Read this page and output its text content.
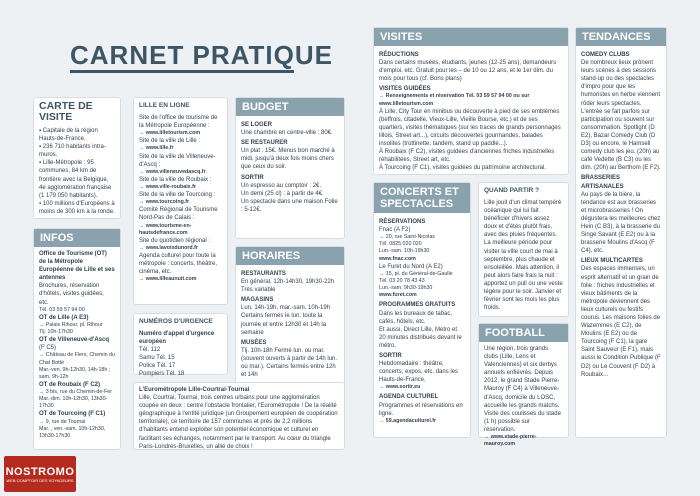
CARNET PRATIQUE
CARTE DE VISITE

▪ Capitale de la région Hauts-de-France.

▪ 236 710 habitants intra-muros.

▪ Lille-Métropole : 95 communes, 84 km de frontière avec la Belgique, 4e agglomération française (1 179 050 habitants).

▪ 100 millions d'Européens à moins de 300 km à la ronde.

INFOS
Office de Tourisme (OT) de la Métropole Européenne de Lille et ses antennes

Brochures, réservation d'hôtels, visites guidées, etc.

Tél. 03 59 57 94 00

OT de Lille (A E3)

→ Palais Rihour, pl. Rihour

Tlj. 10h-17h30

OT de Villeneuve-d'Ascq

(F C5)

→ Château de Flers, Chemin du Chat Botté

Mar.-ven. 9h-12h30, 14h-18h ; sam. 9h-12h

OT de Roubaix (F C2)

→ 3 bis, rue du Chemin-de-Fer

Mar.-dim. 10h-12h30, 13h30-17h30

OT de Tourcoing (F C1)

→ 9, rue de Tournai

Mar. , ven.-sam. 10h-12h30, 13h30-17h30

LILLE EN LIGNE

Site de l'office de tourisme de la Métropole Européenne :

→ www.lilletourism.com

Site de la ville de Lille :

→ www.lille.fr

Site de la ville de Villeneuve-d'Ascq :

→ www.villeneuvedascq.fr

Site de la ville de Roubaix :

→ www.ville-roubaix.fr

Site de la ville de Tourcoing :

→ www.tourcoing.fr

Comité Régional de Tourisme Nord-Pas de Calais :

→ www.tourisme-en-hautsdefrance.com

Site du quotidien régional :

→ www.lavoixdunord.fr

Agenda culturel pour toute la métropole : concerts, théâtre, cinéma, etc.

→ www.lilleaunuit.com

NUMÉROS D'URGENCE
Numéro d'appel d'urgence européen

Tél. 112

Samu Tél. 15

Police Tél. 17

Pompiers Tél. 18

BUDGET
SE LOGER

Une chambre en centre-ville : 80€.

SE RESTAURER

Un plat : 15€. Menus bon marché à midi, jusqu'à deux fois moins chers que ceux du soir.

SORTIR

Un espresso au comptoir : 2€.

Un demi (25 cl) : à partir de 4€.

Un spectacle dans une maison Folie : 5-12€.

HORAIRES
RESTAURANTS

En général, 12h-14h30, 19h30-22h Très variable

MAGASINS

Lun. 14h-19h, mar.-sam. 10h-19h Certains fermés le lun. toute la journée et entre 12h30 et 14h la semaine

MUSÉES

Tlj. 10h-18h Fermé lun. ou mar. (souvent ouverts à partir de 14h lun. ou mar.). Certains fermés entre 12h et 14h

L'Eurométropole Lille-Courtrai-Tournai

Lille, Courtrai, Tournai, trois centres urbains pour une agglomération coupée en deux : centre l'obstacle frontalier, l'Eurométropole ! De la réalité géographique à l'entité juridique (un Groupement européen de coopération territoriale), ce territoire de 157 communes et près de 2,2 millions d'habitants entend exploiter son potentiel économique et culturel en facilitant ses échanges, notamment par le transport. Au cœur du triangle Paris-Londres-Bruxelles, un allié de choix !

VISITES
RÉDUCTIONS

Dans certains musées, étudiants, jeunes (12-25 ans), demandeurs d'emploi, etc. Gratuit pour les – de 10 ou 12 ans, et le 1er dim. du mois pour tous (cf. Bons plans)

VISITES GUIDÉES

→ Renseignements et réservation Tél. 03 59 57 94 00 ou sur www.lilletourism.com

À Lille, City Tour en minibus ou découverte à pied de ses emblèmes (beffrois, citadelle, Vieux-Lille, Vieille Bourse, etc.) et de ses quartiers, visites thématiques (sur les traces de grands personnages lillois, Street art...), circuits découvertes gourmandes, balades insolites (trottinette, tandem, stand up paddle...).

À Roubaix (F C2), visites guidées d'anciennes friches industrielles réhabilitées, Street art, etc.

À Tourcoing (F C1), visites guidées du patrimoine architectural.

CONCERTS ET SPECTACLES
RÉSERVATIONS

Fnac (A F2)

→ 20, rue Saint-Nicolas

Tél. 0825 020 020

Lun.-sam. 10h-19h30

www.fnac.com

Le Furet du Nord (A E2)

→ 15, pl. du Général-de-Gaulle

Tél. 03 20 78 43 43

Lun.-sam. 9h30-19h30

www.furet.com

PROGRAMMES GRATUITS

Dans les bureaux de tabac, cafés, hôtels, etc.

Et aussi, Direct Lille, Metro et 20 minutes distribués devant le métro.

SORTIR

Hebdomadaire : théâtre, concerts, expos, etc. dans les Hauts-de-France.

→ www.sortir.eu

AGENDA CULTUREL

Programmes et réservations en ligne.

→ 59.agendaculturel.fr

QUAND PARTIR ?

Lille jouit d'un climat tempéré océanique qui lui fait bénéficier d'hivers assez doux et d'étés plutôt frais, avec des pluies fréquentes. La meilleure période pour visiter la ville court de mai à septembre, plus chaude et ensoleillée. Mais attention, il peut alors faire frais la nuit : apportez un pull ou une veste légère pour le soir. Janvier et février sont les mois les plus froids.

FOOTBALL

Une région, trois grands clubs (Lille, Lens et Valenciennes) et six derbys annuels enfiévrés. Depuis 2012, le grand Stade Pierre-Mauroy (F C4) à Villeneuve-d'Ascq, domicile du LOSC, accueille les grands matchs. Visite des coulisses du stade (1 h) possible sur réservation.

→ www.stade-pierre-mauroy.com

TENDANCES
COMEDY CLUBS

De nombreux lieux prônent leurs scènes à des sessions stand-up ou des spectacles d'impro pour que les humoristes en herbe viennent rôder leurs spectacles. L'entrée se fait parfois sur participation ou souvent sur consommation. Spotlight (D E2), Bazar Comedy Club (D D3) ou encore, le Hamsell comedy club les jeu. (20h) au café Vedette (B C3) ou les dim. (20h) au Berthom (E F2).

BRASSERIES ARTISANALES

Au pays de la bière, la tendance est aux brasseries et microbrasseries ! On dégustera les meilleures chez Hein (C B3), à la brasserie du Singe Savant (E E2) ou à la brasserie Moulins d'Ascq (F C4), etc.

LIEUX MULTICARTES

Des espaces immenses, un esprit alternatif et un grain de folie : friches industrielles et vieux bâtiments de la métropole deviennent des lieux culturels ou festifs courus. Les maisons folies de Wazemmes (E C2), de Moulins (E E2) ou de Tourcoing (F C1), la gare Saint Sauveur (E F1), mais aussi le Condition Publique (F D2) ou Le Couvent (F D2) à Roubaix...

NOSTROMO
WEB COMPTOIR DES VOYAGEURS
